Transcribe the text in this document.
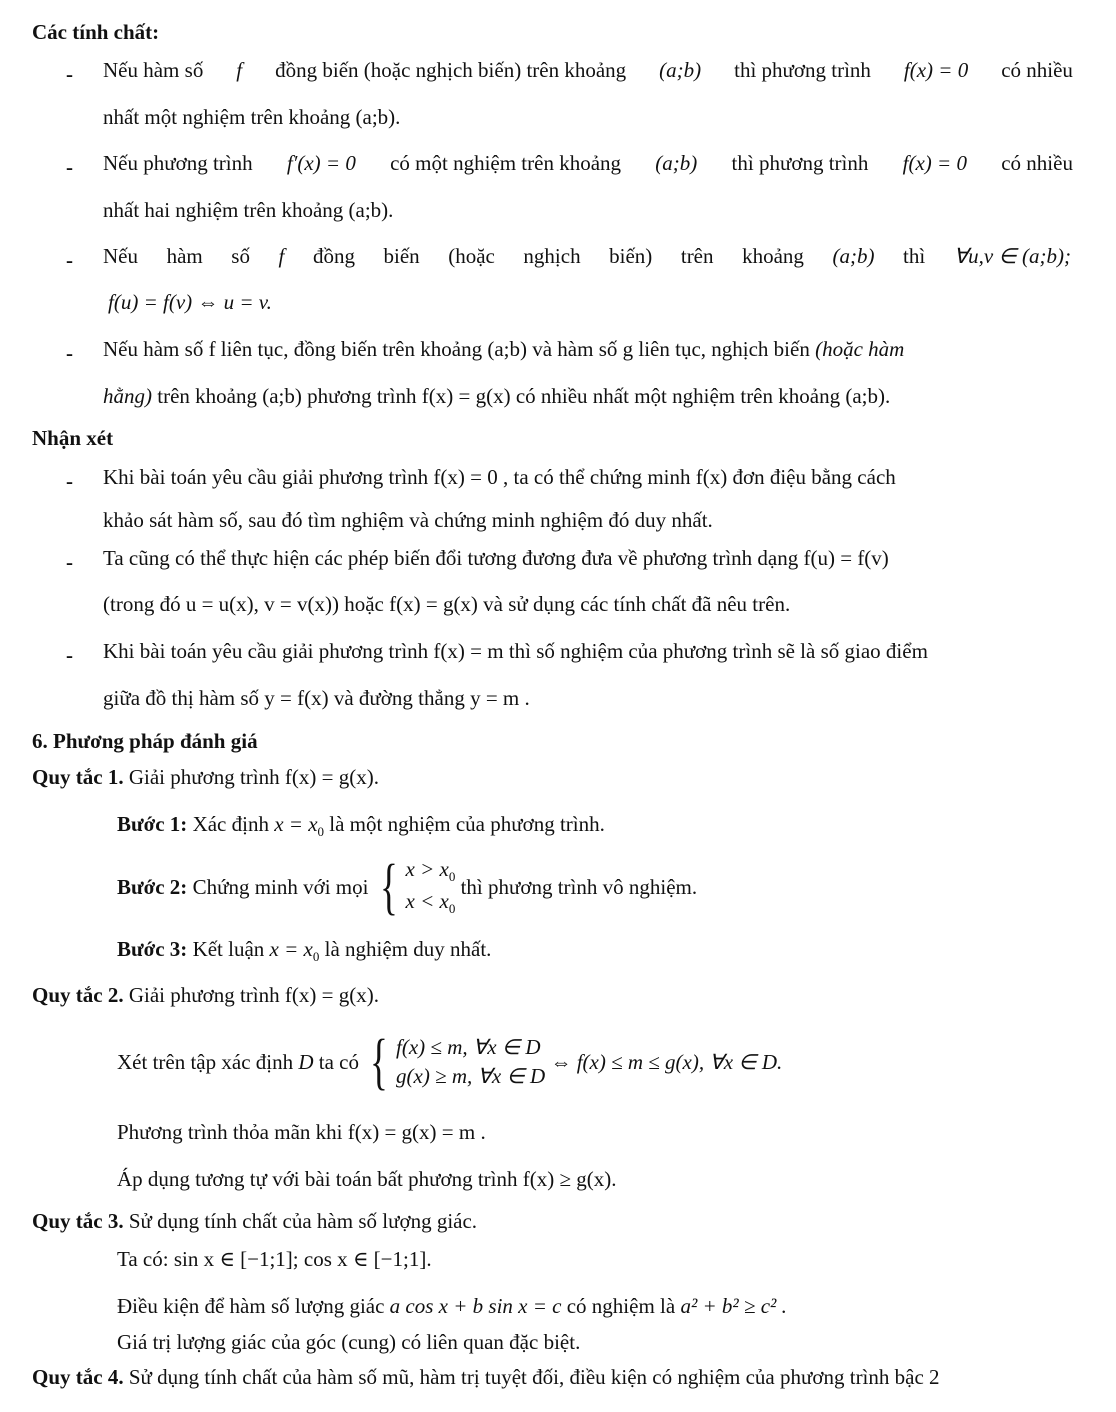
Các tính chất:
- Nếu hàm số f đồng biến (hoặc nghịch biến) trên khoảng (a;b) thì phương trình f(x) = 0 có nhiều
nhất một nghiệm trên khoảng (a;b).
- Nếu phương trình f′(x) = 0 có một nghiệm trên khoảng (a;b) thì phương trình f(x) = 0 có nhiều
nhất hai nghiệm trên khoảng (a;b).
- Nếu hàm số f đồng biến (hoặc nghịch biến) trên khoảng (a;b) thì ∀u,v ∈ (a;b);
f(u) = f(v) ⇔ u = v.
- Nếu hàm số f liên tục, đồng biến trên khoảng (a;b) và hàm số g liên tục, nghịch biến (hoặc hàm
hằng) trên khoảng (a;b) phương trình f(x) = g(x) có nhiều nhất một nghiệm trên khoảng (a;b).
Nhận xét
- Khi bài toán yêu cầu giải phương trình f(x) = 0 , ta có thể chứng minh f(x) đơn điệu bằng cách
khảo sát hàm số, sau đó tìm nghiệm và chứng minh nghiệm đó duy nhất.
- Ta cũng có thể thực hiện các phép biến đổi tương đương đưa về phương trình dạng f(u) = f(v)
(trong đó u = u(x), v = v(x)) hoặc f(x) = g(x) và sử dụng các tính chất đã nêu trên.
- Khi bài toán yêu cầu giải phương trình f(x) = m thì số nghiệm của phương trình sẽ là số giao điểm
giữa đồ thị hàm số y = f(x) và đường thẳng y = m .
6. Phương pháp đánh giá
Quy tắc 1. Giải phương trình f(x) = g(x).
Bước 1: Xác định $x = x_0$ là một nghiệm của phương trình.
Bước 2:
Chứng minh với mọi
{ $x > x_0$
$x < x_0$

thì phương trình vô nghiệm.
Bước 3: Kết luận $x = x_0$ là nghiệm duy nhất.
Quy tắc 2. Giải phương trình f(x) = g(x).
Xét trên tập xác định
D
ta có
{ f(x) ≤ m, ∀x ∈ D
g(x) ≥ m, ∀x ∈ D

⇔ f(x) ≤ m ≤ g(x), ∀x ∈ D.
Phương trình thỏa mãn khi f(x) = g(x) = m .
Áp dụng tương tự với bài toán bất phương trình f(x) ≥ g(x).
Quy tắc 3. Sử dụng tính chất của hàm số lượng giác.
Ta có: sin x ∈ [−1;1]; cos x ∈ [−1;1].
Điều kiện để hàm số lượng giác a cos x + b sin x = c có nghiệm là a² + b² ≥ c² .
Giá trị lượng giác của góc (cung) có liên quan đặc biệt.
Quy tắc 4. Sử dụng tính chất của hàm số mũ, hàm trị tuyệt đối, điều kiện có nghiệm của phương trình bậc 2
